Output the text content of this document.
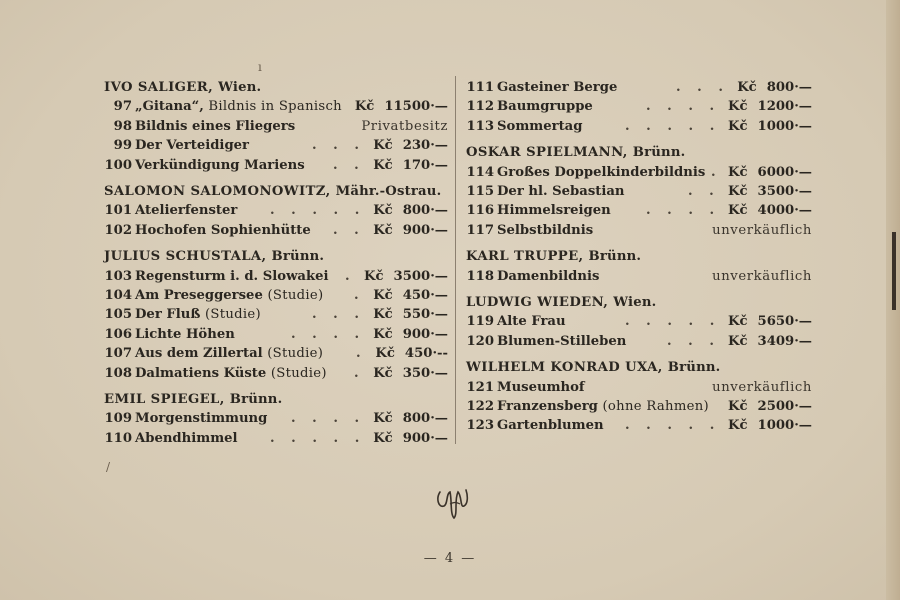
ı
/
IVO SALIGER, Wien.
97 „Gitana“, Bildnis in Spanisch Kč 11500·—
98 Bildnis eines Fliegers	Privatbesitz
99 Der Verteidiger	Kč 230·—
. . .
100 Verkündigung Mariens	Kč 170·—
. .
SALOMON SALOMONOWITZ, Mähr.-Ostrau.
101 Atelierfenster	Kč 800·—
. . . . .
102 Hochofen Sophienhütte	Kč 900·—
. .
JULIUS SCHUSTALA, Brünn.
103 Regensturm i. d. Slowakei	Kč 3500·—
.
104 Am Preseggersee (Studie)	Kč 450·—
.
105 Der Fluß (Studie)	Kč 550·—
. . .
106 Lichte Höhen	Kč 900·—
. . . .
107 Aus dem Zillertal (Studie)	Kč 450·--
.
108 Dalmatiens Küste (Studie)	Kč 350·—
.
EMIL SPIEGEL, Brünn.
109 Morgenstimmung	Kč 800·—
. . . .
110 Abendhimmel	Kč 900·—
. . . . .
111 Gasteiner Berge	Kč 800·—
. . .
112 Baumgruppe	Kč 1200·—
. . . .
113 Sommertag	Kč 1000·—
. . . . .
OSKAR SPIELMANN, Brünn.
114 Großes Doppelkinderbildnis Kč 6000·—
.
115 Der hl. Sebastian	Kč 3500·—
. .
116 Himmelsreigen	Kč 4000·—
. . . .
117 Selbstbildnis	unverkäuflich
KARL TRUPPE, Brünn.
118 Damenbildnis	unverkäuflich
LUDWIG WIEDEN, Wien.
119 Alte Frau	Kč 5650·—
. . . . .
120 Blumen-Stilleben	Kč 3409·—
. . .
WILHELM KONRAD UXA, Brünn.
121 Museumhof	unverkäuflich
122 Franzensberg (ohne Rahmen) Kč 2500·—
123 Gartenblumen	Kč 1000·—
. . . . .
— 4 —
